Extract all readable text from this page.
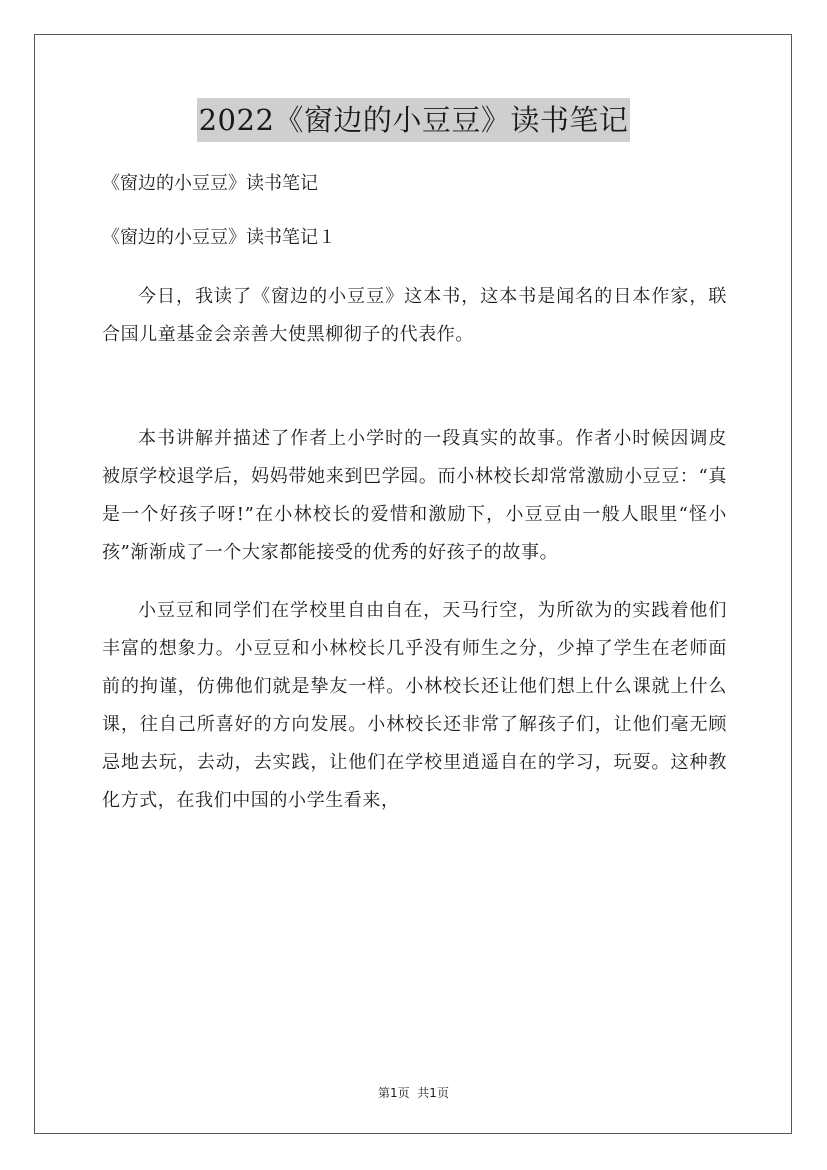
2022《窗边的小豆豆》读书笔记

《窗边的小豆豆》读书笔记

《窗边的小豆豆》读书笔记１

今日，我读了《窗边的小豆豆》这本书，这本书是闻名的日本作家，联合国儿童基金会亲善大使黑柳彻子的代表作。

本书讲解并描述了作者上小学时的一段真实的故事。作者小时候因调皮被原学校退学后，妈妈带她来到巴学园。而小林校长却常常激励小豆豆：“真是一个好孩子呀!”在小林校长的爱惜和激励下，小豆豆由一般人眼里“怪小孩”渐渐成了一个大家都能接受的优秀的好孩子的故事。

小豆豆和同学们在学校里自由自在，天马行空，为所欲为的实践着他们丰富的想象力。小豆豆和小林校长几乎没有师生之分，少掉了学生在老师面前的拘谨，仿佛他们就是挚友一样。小林校长还让他们想上什么课就上什么课，往自己所喜好的方向发展。小林校长还非常了解孩子们，让他们毫无顾忌地去玩，去动，去实践，让他们在学校里逍遥自在的学习，玩耍。这种教化方式，在我们中国的小学生看来，

第1页  共1页
